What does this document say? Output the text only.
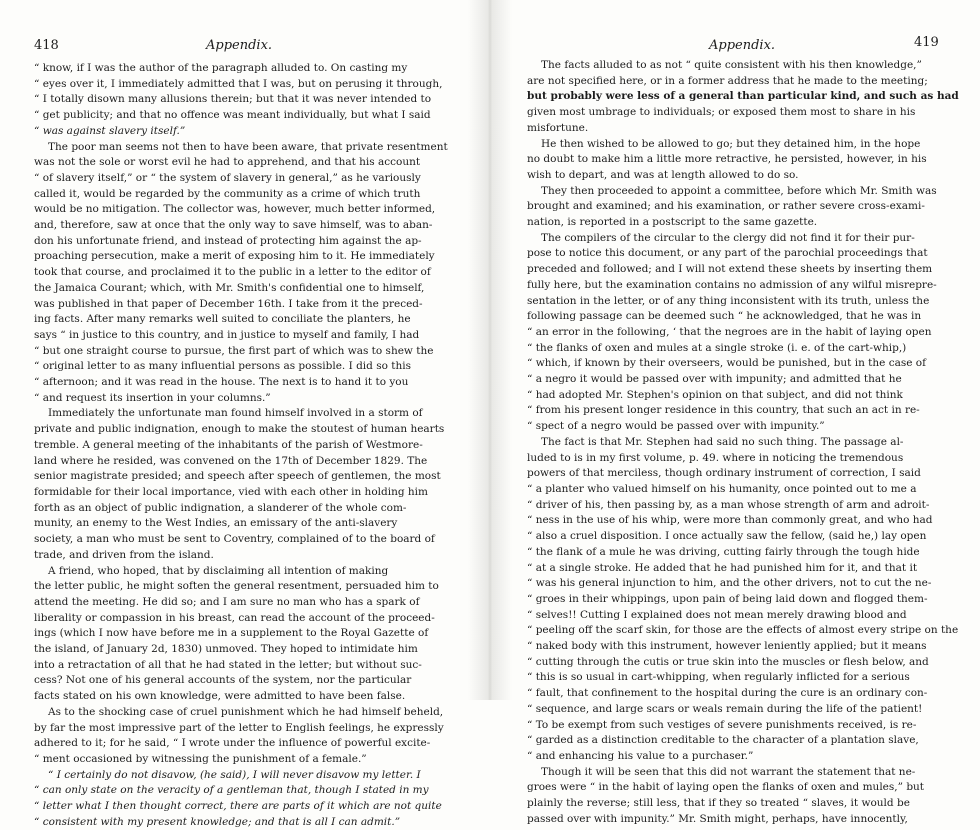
418	Appendix.
“ know, if I was the author of the paragraph alluded to. On casting my
“ eyes over it, I immediately admitted that I was, but on perusing it through,
“ I totally disown many allusions therein; but that it was never intended to
“ get publicity; and that no offence was meant individually, but what I said
“ was against slavery itself.”
The poor man seems not then to have been aware, that private resentment
was not the sole or worst evil he had to apprehend, and that his account
“ of slavery itself,” or “ the system of slavery in general,” as he variously
called it, would be regarded by the community as a crime of which truth
would be no mitigation. The collector was, however, much better informed,
and, therefore, saw at once that the only way to save himself, was to aban-
don his unfortunate friend, and instead of protecting him against the ap-
proaching persecution, make a merit of exposing him to it. He immediately
took that course, and proclaimed it to the public in a letter to the editor of
the Jamaica Courant; which, with Mr. Smith's confidential one to himself,
was published in that paper of December 16th. I take from it the preced-
ing facts. After many remarks well suited to conciliate the planters, he
says “ in justice to this country, and in justice to myself and family, I had
“ but one straight course to pursue, the first part of which was to shew the
“ original letter to as many influential persons as possible. I did so this
“ afternoon; and it was read in the house. The next is to hand it to you
“ and request its insertion in your columns.”
Immediately the unfortunate man found himself involved in a storm of
private and public indignation, enough to make the stoutest of human hearts
tremble. A general meeting of the inhabitants of the parish of Westmore-
land where he resided, was convened on the 17th of December 1829. The
senior magistrate presided; and speech after speech of gentlemen, the most
formidable for their local importance, vied with each other in holding him
forth as an object of public indignation, a slanderer of the whole com-
munity, an enemy to the West Indies, an emissary of the anti-slavery
society, a man who must be sent to Coventry, complained of to the board of
trade, and driven from the island.
A friend, who hoped, that by disclaiming all intention of making
the letter public, he might soften the general resentment, persuaded him to
attend the meeting. He did so; and I am sure no man who has a spark of
liberality or compassion in his breast, can read the account of the proceed-
ings (which I now have before me in a supplement to the Royal Gazette of
the island, of January 2d, 1830) unmoved. They hoped to intimidate him
into a retractation of all that he had stated in the letter; but without suc-
cess? Not one of his general accounts of the system, nor the particular
facts stated on his own knowledge, were admitted to have been false.
As to the shocking case of cruel punishment which he had himself beheld,
by far the most impressive part of the letter to English feelings, he expressly
adhered to it; for he said, “ I wrote under the influence of powerful excite-
“ ment occasioned by witnessing the punishment of a female.”
“ I certainly do not disavow, (he said), I will never disavow my letter. I
“ can only state on the veracity of a gentleman that, though I stated in my
“ letter what I then thought correct, there are parts of it which are not quite
“ consistent with my present knowledge; and that is all I can admit.”
Appendix.	419
The facts alluded to as not “ quite consistent with his then knowledge,”
are not specified here, or in a former address that he made to the meeting;
but probably were less of a general than particular kind, and such as had
given most umbrage to individuals; or exposed them most to share in his
misfortune.
He then wished to be allowed to go; but they detained him, in the hope
no doubt to make him a little more retractive, he persisted, however, in his
wish to depart, and was at length allowed to do so.
They then proceeded to appoint a committee, before which Mr. Smith was
brought and examined; and his examination, or rather severe cross-exami-
nation, is reported in a postscript to the same gazette.
The compilers of the circular to the clergy did not find it for their pur-
pose to notice this document, or any part of the parochial proceedings that
preceded and followed; and I will not extend these sheets by inserting them
fully here, but the examination contains no admission of any wilful misrepre-
sentation in the letter, or of any thing inconsistent with its truth, unless the
following passage can be deemed such “ he acknowledged, that he was in
“ an error in the following, ‘ that the negroes are in the habit of laying open
“ the flanks of oxen and mules at a single stroke (i. e. of the cart-whip,)
“ which, if known by their overseers, would be punished, but in the case of
“ a negro it would be passed over with impunity; and admitted that he
“ had adopted Mr. Stephen's opinion on that subject, and did not think
“ from his present longer residence in this country, that such an act in re-
“ spect of a negro would be passed over with impunity.”
The fact is that Mr. Stephen had said no such thing. The passage al-
luded to is in my first volume, p. 49. where in noticing the tremendous
powers of that merciless, though ordinary instrument of correction, I said
“ a planter who valued himself on his humanity, once pointed out to me a
“ driver of his, then passing by, as a man whose strength of arm and adroit-
“ ness in the use of his whip, were more than commonly great, and who had
“ also a cruel disposition. I once actually saw the fellow, (said he,) lay open
“ the flank of a mule he was driving, cutting fairly through the tough hide
“ at a single stroke. He added that he had punished him for it, and that it
“ was his general injunction to him, and the other drivers, not to cut the ne-
“ groes in their whippings, upon pain of being laid down and flogged them-
“ selves!! Cutting I explained does not mean merely drawing blood and
“ peeling off the scarf skin, for those are the effects of almost every stripe on the
“ naked body with this instrument, however leniently applied; but it means
“ cutting through the cutis or true skin into the muscles or flesh below, and
“ this is so usual in cart-whipping, when regularly inflicted for a serious
“ fault, that confinement to the hospital during the cure is an ordinary con-
“ sequence, and large scars or weals remain during the life of the patient!
“ To be exempt from such vestiges of severe punishments received, is re-
“ garded as a distinction creditable to the character of a plantation slave,
“ and enhancing his value to a purchaser.”
Though it will be seen that this did not warrant the statement that ne-
groes were “ in the habit of laying open the flanks of oxen and mules,” but
plainly the reverse; still less, that if they so treated “ slaves, it would be
passed over with impunity.” Mr. Smith might, perhaps, have innocently,
